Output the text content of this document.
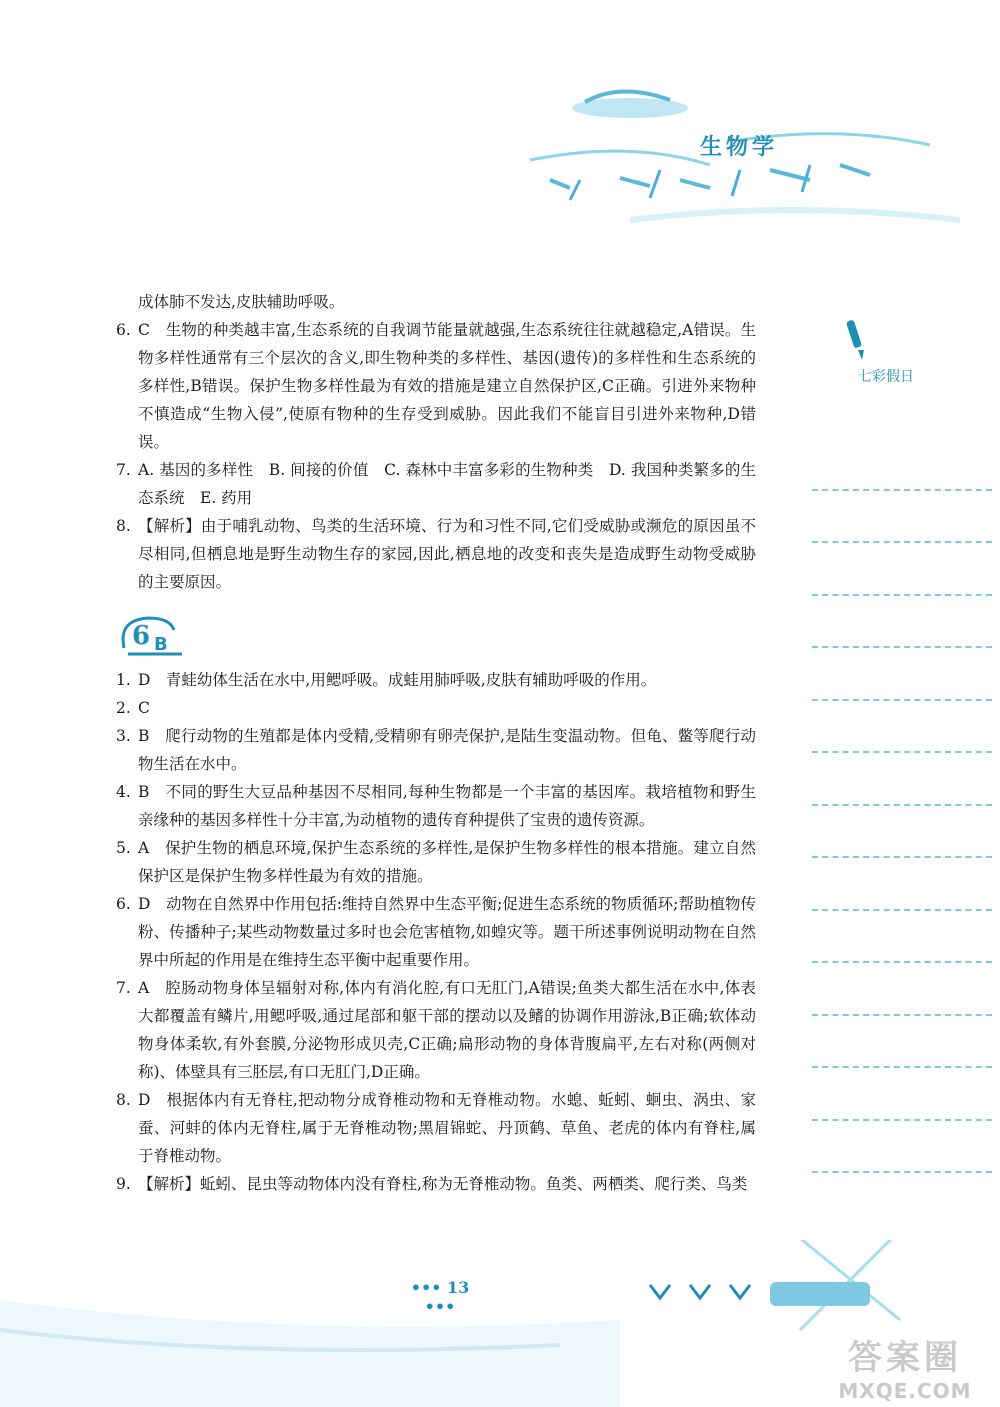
生物学
七彩假日

成体肺不发达,皮肤辅助呼吸。

6. C　生物的种类越丰富,生态系统的自我调节能量就越强,生态系统往往就越稳定,A错误。生物多样性通常有三个层次的含义,即生物种类的多样性、基因(遗传)的多样性和生态系统的多样性,B错误。保护生物多样性最为有效的措施是建立自然保护区,C正确。引进外来物种不慎造成“生物入侵”,使原有物种的生存受到威胁。因此我们不能盲目引进外来物种,D错误。

7. A. 基因的多样性　B. 间接的价值　C. 森林中丰富多彩的生物种类　D. 我国种类繁多的生态系统　E. 药用

8. 【解析】由于哺乳动物、鸟类的生活环境、行为和习性不同,它们受威胁或濒危的原因虽不尽相同,但栖息地是野生动物生存的家园,因此,栖息地的改变和丧失是造成野生动物受威胁的主要原因。

6 B

1. D　青蛙幼体生活在水中,用鳃呼吸。成蛙用肺呼吸,皮肤有辅助呼吸的作用。

2. C

3. B　爬行动物的生殖都是体内受精,受精卵有卵壳保护,是陆生变温动物。但龟、鳖等爬行动物生活在水中。

4. B　不同的野生大豆品种基因不尽相同,每种生物都是一个丰富的基因库。栽培植物和野生亲缘种的基因多样性十分丰富,为动植物的遗传育种提供了宝贵的遗传资源。

5. A　保护生物的栖息环境,保护生态系统的多样性,是保护生物多样性的根本措施。建立自然保护区是保护生物多样性最为有效的措施。

6. D　动物在自然界中作用包括:维持自然界中生态平衡;促进生态系统的物质循环;帮助植物传粉、传播种子;某些动物数量过多时也会危害植物,如蝗灾等。题干所述事例说明动物在自然界中所起的作用是在维持生态平衡中起重要作用。

7. A　腔肠动物身体呈辐射对称,体内有消化腔,有口无肛门,A错误;鱼类大都生活在水中,体表大都覆盖有鳞片,用鳃呼吸,通过尾部和躯干部的摆动以及鳍的协调作用游泳,B正确;软体动物身体柔软,有外套膜,分泌物形成贝壳,C正确;扁形动物的身体背腹扁平,左右对称(两侧对称)、体壁具有三胚层,有口无肛门,D正确。

8. D　根据体内有无脊柱,把动物分成脊椎动物和无脊椎动物。水螅、蚯蚓、蛔虫、涡虫、家蚕、河蚌的体内无脊柱,属于无脊椎动物;黑眉锦蛇、丹顶鹤、草鱼、老虎的体内有脊柱,属于脊椎动物。

9. 【解析】蚯蚓、昆虫等动物体内没有脊柱,称为无脊椎动物。鱼类、两栖类、爬行类、鸟类

••• 13 •••
答案圈
MXQE.COM
